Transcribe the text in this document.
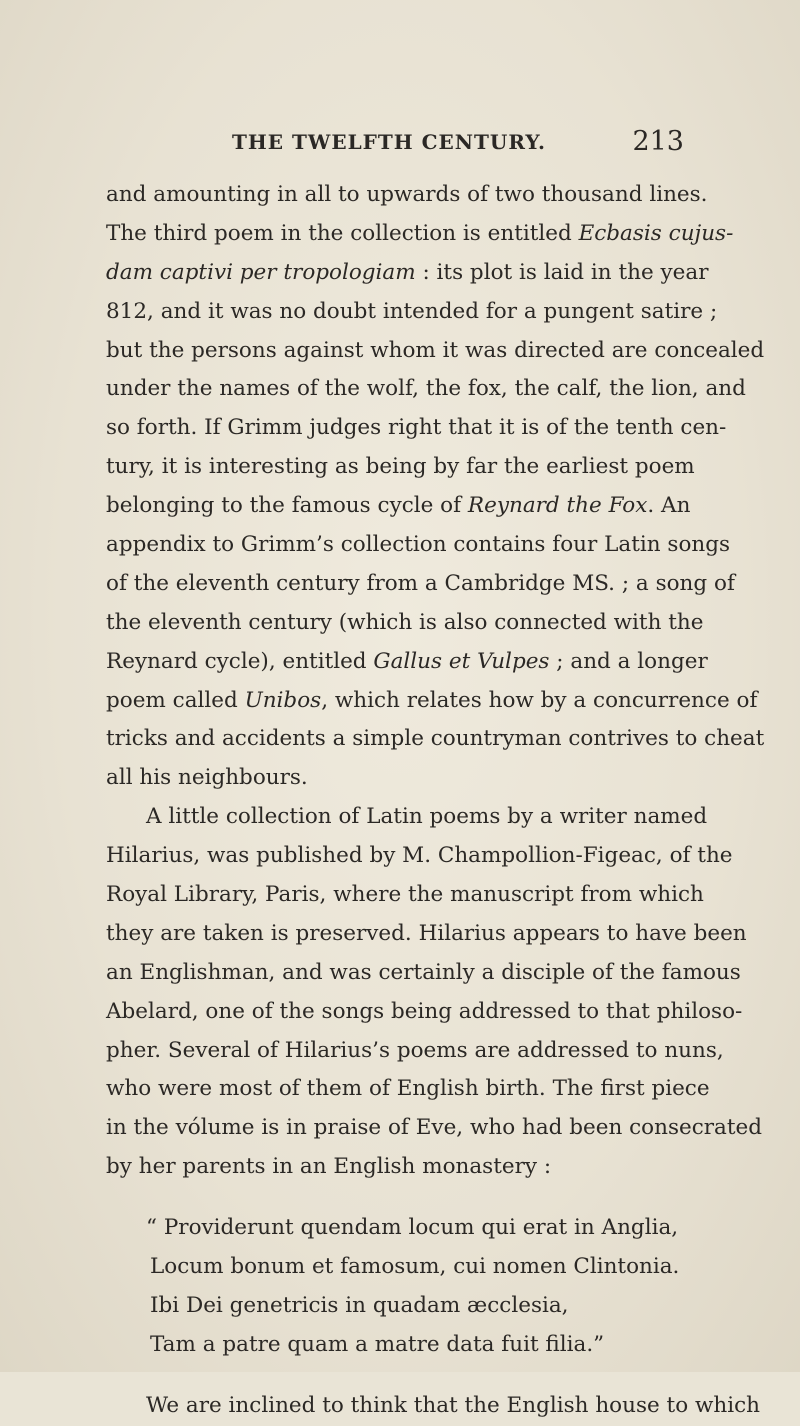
THE TWELFTH CENTURY.	213
and amounting in all to upwards of two thousand lines.
The third poem in the collection is entitled Ecbasis cujus-
dam captivi per tropologiam : its plot is laid in the year
812, and it was no doubt intended for a pungent satire ;
but the persons against whom it was directed are concealed
under the names of the wolf, the fox, the calf, the lion, and
so forth. If Grimm judges right that it is of the tenth cen-
tury, it is interesting as being by far the earliest poem
belonging to the famous cycle of Reynard the Fox. An
appendix to Grimm’s collection contains four Latin songs
of the eleventh century from a Cambridge MS. ; a song of
the eleventh century (which is also connected with the
Reynard cycle), entitled Gallus et Vulpes ; and a longer
poem called Unibos, which relates how by a concurrence of
tricks and accidents a simple countryman contrives to cheat
all his neighbours.
A little collection of Latin poems by a writer named
Hilarius, was published by M. Champollion-Figeac, of the
Royal Library, Paris, where the manuscript from which
they are taken is preserved. Hilarius appears to have been
an Englishman, and was certainly a disciple of the famous
Abelard, one of the songs being addressed to that philoso-
pher. Several of Hilarius’s poems are addressed to nuns,
who were most of them of English birth. The first piece
in the vólume is in praise of Eve, who had been consecrated
by her parents in an English monastery :
“ Providerunt quendam locum qui erat in Anglia,
Locum bonum et famosum, cui nomen Clintonia.
Ibi Dei genetricis in quadam æcclesia,
Tam a patre quam a matre data fuit filia.”
We are inclined to think that the English house to which
